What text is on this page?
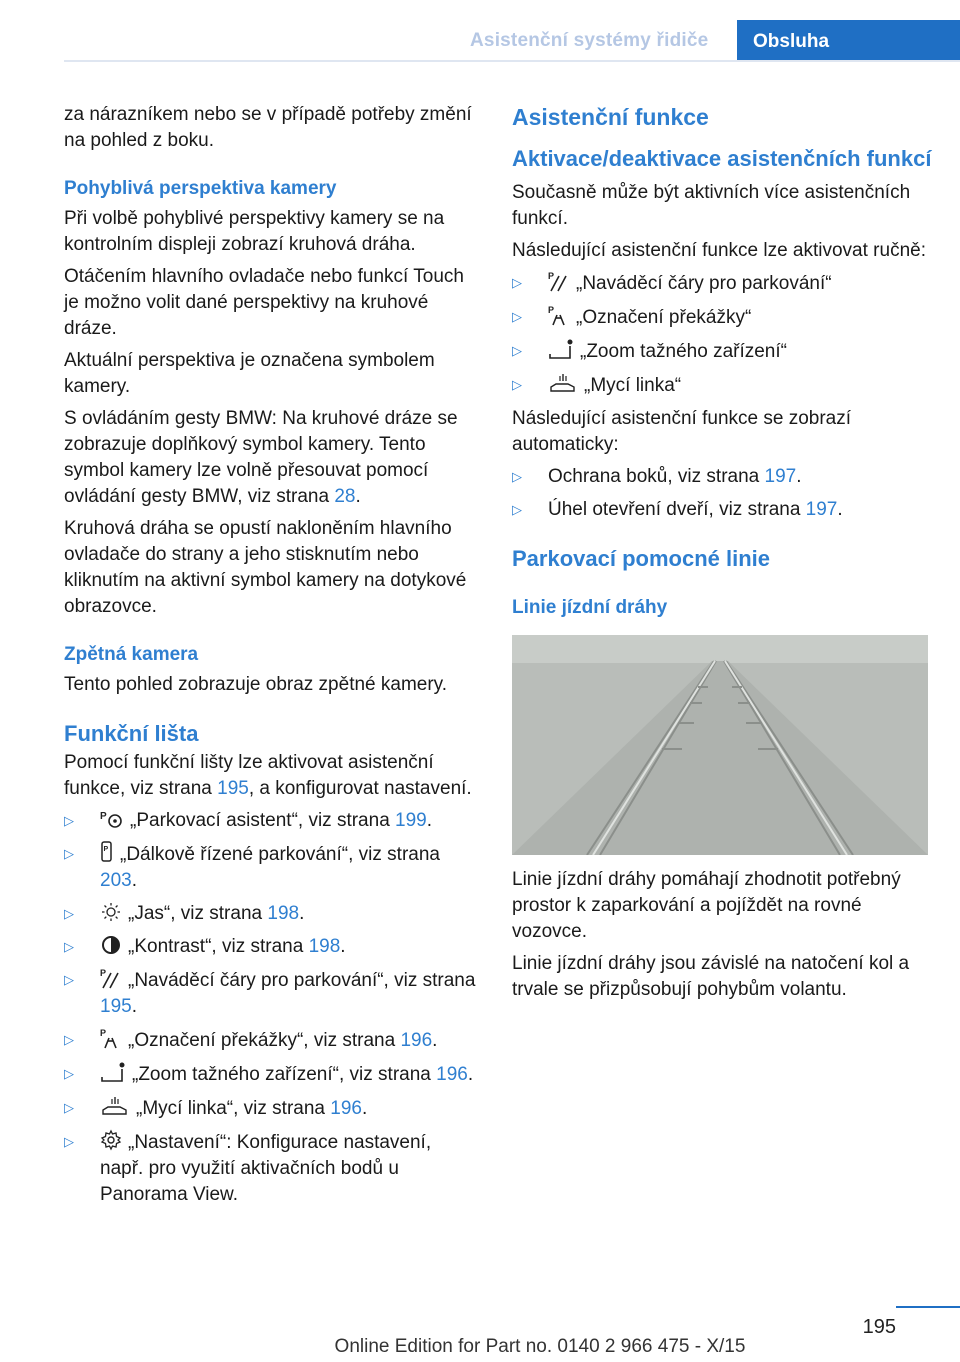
Asistenční systémy řidiče	Obsluha

za nárazníkem nebo se v případě potřeby změní na pohled z boku.

Pohyblivá perspektiva kamery

Při volbě pohyblivé perspektivy kamery se na kontrolním displeji zobrazí kruhová dráha.

Otáčením hlavního ovladače nebo funkcí Touch je možno volit dané perspektivy na kruhové dráze.

Aktuální perspektiva je označena symbolem kamery.

S ovládáním gesty BMW: Na kruhové dráze se zobrazuje doplňkový symbol kamery. Tento symbol kamery lze volně přesouvat pomocí ovládání gesty BMW, viz strana 28.

Kruhová dráha se opustí nakloněním hlavního ovladače do strany a jeho stisknutím nebo kliknutím na aktivní symbol kamery na dotykové obrazovce.

Zpětná kamera

Tento pohled zobrazuje obraz zpětné kamery.

Funkční lišta

Pomocí funkční lišty lze aktivovat asistenční funkce, viz strana 195, a konfigurovat nastavení.

▷	P „Parkovací asistent“, viz strana 199.
▷	P „Dálkově řízené parkování“, viz strana 203.
▷	„Jas“, viz strana 198.
▷	„Kontrast“, viz strana 198.
▷	P „Naváděcí čáry pro parkování“, viz strana 195.
▷	P „Označení překážky“, viz strana 196.
▷	„Zoom tažného zařízení“, viz strana 196.
▷	„Mycí linka“, viz strana 196.
▷	„Nastavení“: Konfigurace nastavení, např. pro využití aktivačních bodů u Panorama View.
Asistenční funkce
Aktivace/deaktivace asistenčních funkcí

Současně může být aktivních více asistenčních funkcí.

Následující asistenční funkce lze aktivovat ručně:

▷	P „Naváděcí čáry pro parkování“
▷	P „Označení překážky“
▷	„Zoom tažného zařízení“
▷	„Mycí linka“

Následující asistenční funkce se zobrazí automaticky:

▷ Ochrana boků, viz strana 197.
▷ Úhel otevření dveří, viz strana 197.
Parkovací pomocné linie
Linie jízdní dráhy

Linie jízdní dráhy pomáhají zhodnotit potřebný prostor k zaparkování a pojíždět na rovné vozovce.

Linie jízdní dráhy jsou závislé na natočení kol a trvale se přizpůsobují pohybům volantu.

195
Online Edition for Part no. 0140 2 966 475 - X/15
